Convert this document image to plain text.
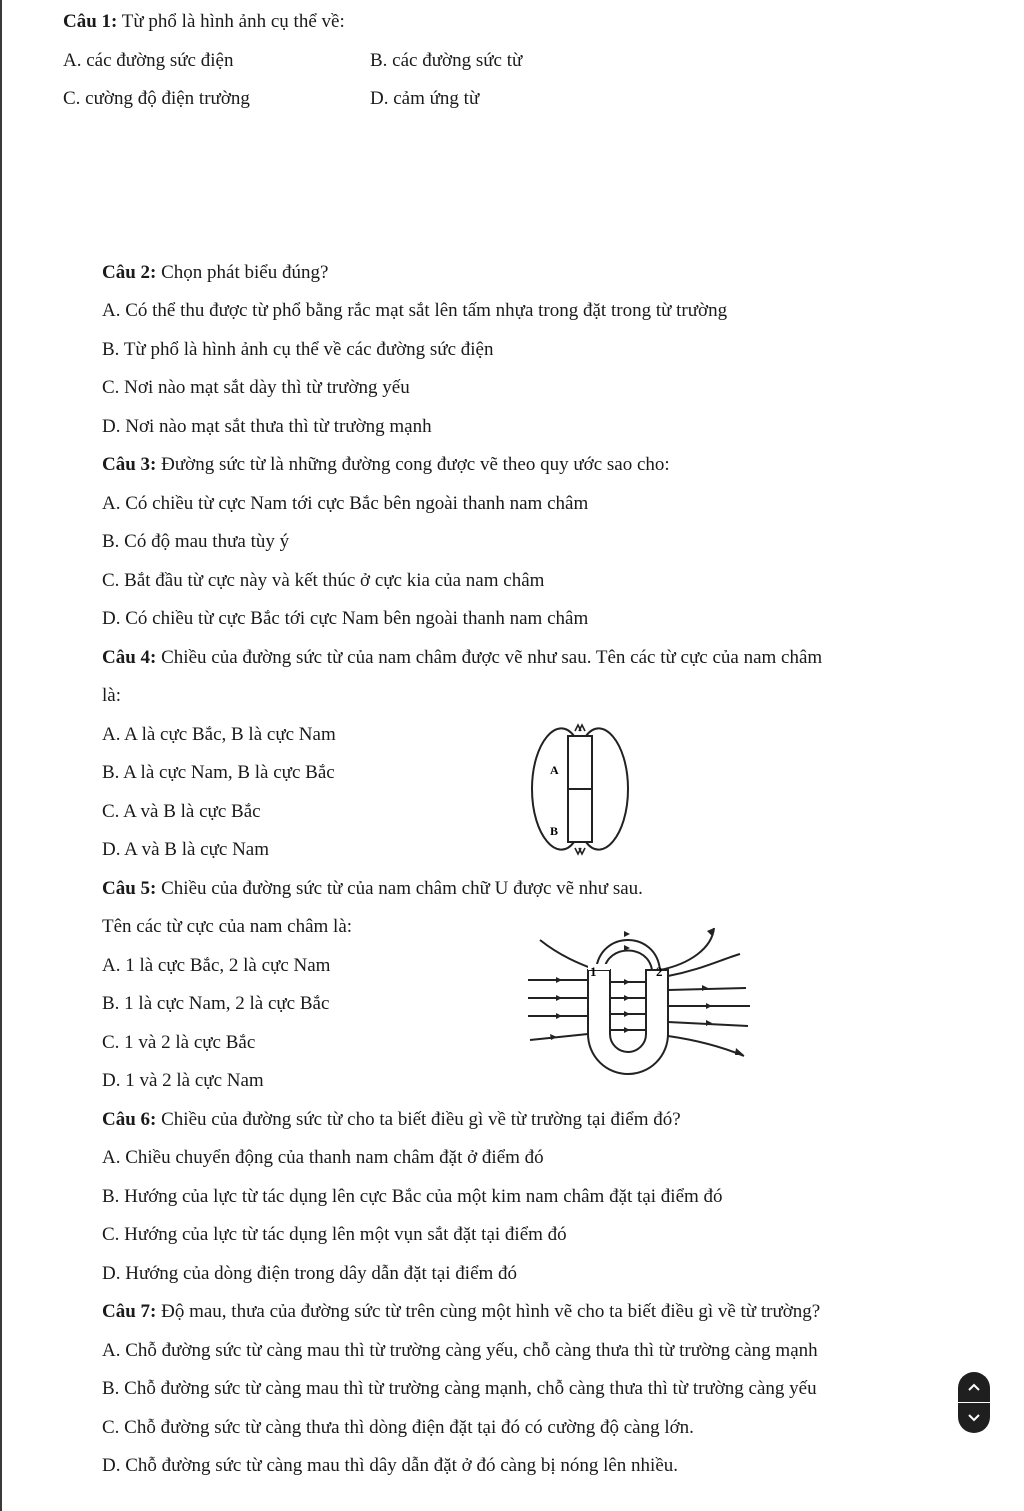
Câu 1: Từ phổ là hình ảnh cụ thể về:
A. các đường sức điện	B. các đường sức từ
C. cường độ điện trường	D. cảm ứng từ
Câu 2: Chọn phát biểu đúng?
A. Có thể thu được từ phổ bằng rắc mạt sắt lên tấm nhựa trong đặt trong từ trường
B. Từ phổ là hình ảnh cụ thể về các đường sức điện
C. Nơi nào mạt sắt dày thì từ trường yếu
D. Nơi nào mạt sắt thưa thì từ trường mạnh
Câu 3: Đường sức từ là những đường cong được vẽ theo quy ước sao cho:
A. Có chiều từ cực Nam tới cực Bắc bên ngoài thanh nam châm
B. Có độ mau thưa tùy ý
C. Bắt đầu từ cực này và kết thúc ở cực kia của nam châm
D. Có chiều từ cực Bắc tới cực Nam bên ngoài thanh nam châm
Câu 4: Chiều của đường sức từ của nam châm được vẽ như sau. Tên các từ cực của nam châm
là:
A. A là cực Bắc, B là cực Nam
B. A là cực Nam, B là cực Bắc
C. A và B là cực Bắc
D. A và B là cực Nam
A
B
Câu 5: Chiều của đường sức từ của nam châm chữ U được vẽ như sau.
Tên các từ cực của nam châm là:
A. 1 là cực Bắc, 2 là cực Nam
B. 1 là cực Nam, 2 là cực Bắc
C. 1 và 2 là cực Bắc
D. 1 và 2 là cực Nam
1	2
Câu 6: Chiều của đường sức từ cho ta biết điều gì về từ trường tại điểm đó?
A. Chiều chuyển động của thanh nam châm đặt ở điểm đó
B. Hướng của lực từ tác dụng lên cực Bắc của một kim nam châm đặt tại điểm đó
C. Hướng của lực từ tác dụng lên một vụn sắt đặt tại điểm đó
D. Hướng của dòng điện trong dây dẫn đặt tại điểm đó
Câu 7: Độ mau, thưa của đường sức từ trên cùng một hình vẽ cho ta biết điều gì về từ trường?
A. Chỗ đường sức từ càng mau thì từ trường càng yếu, chỗ càng thưa thì từ trường càng mạnh
B. Chỗ đường sức từ càng mau thì từ trường càng mạnh, chỗ càng thưa thì từ trường càng yếu
C. Chỗ đường sức từ càng thưa thì dòng điện đặt tại đó có cường độ càng lớn.
D. Chỗ đường sức từ càng mau thì dây dẫn đặt ở đó càng bị nóng lên nhiều.
